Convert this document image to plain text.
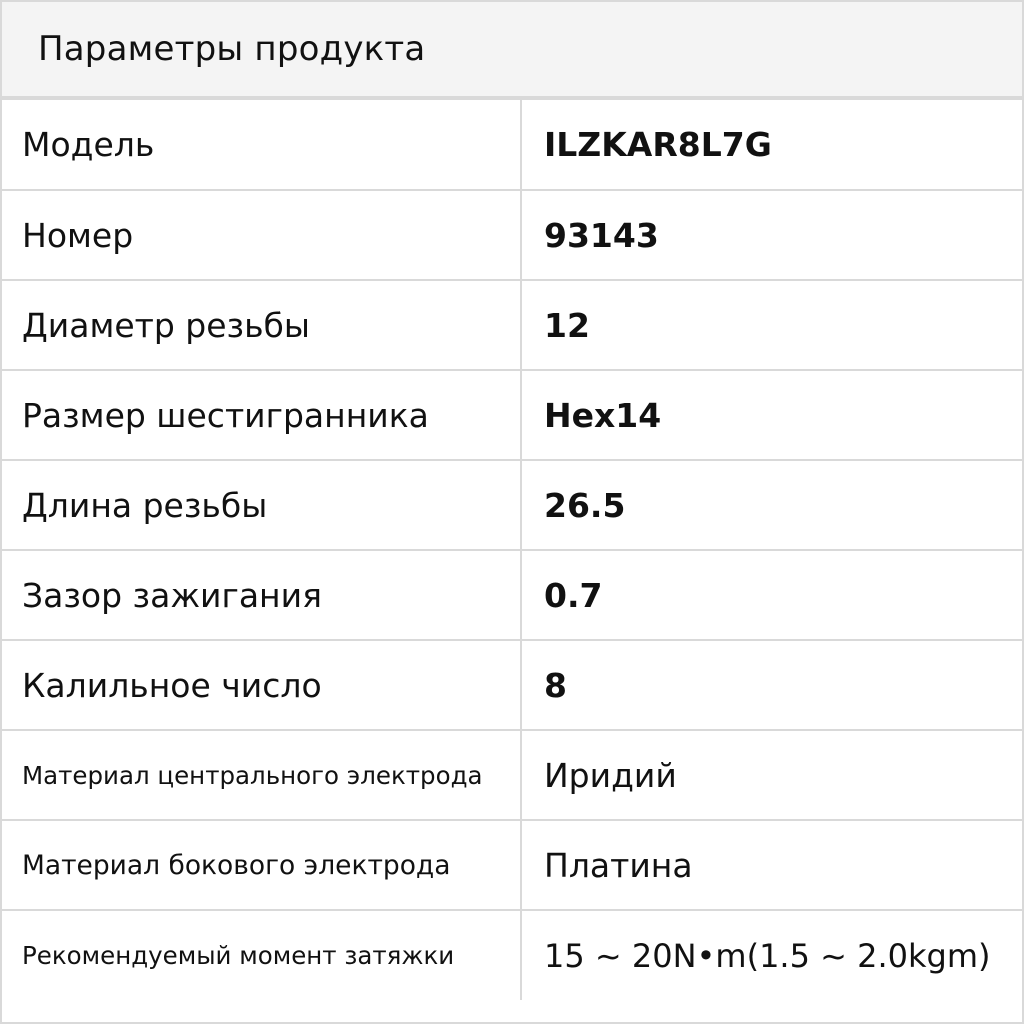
Параметры продукта
Модель	ILZKAR8L7G
Номер	93143
Диаметр резьбы	12
Размер шестигранника	Hex14
Длина резьбы	26.5
Зазор зажигания	0.7
Калильное число	8
Материал центрального электрода	Иридий
Материал бокового электрода	Платина
Рекомендуемый момент затяжки	15 ~ 20N•m(1.5 ~ 2.0kgm)
